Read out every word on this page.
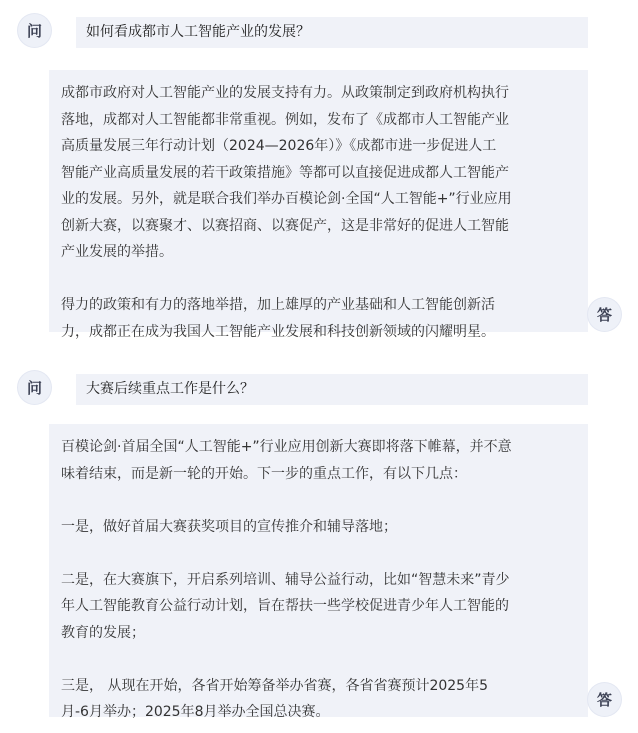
问	如何看成都市人工智能产业的发展？

成都市政府对人工智能产业的发展支持有力。从政策制定到政府机构执行
落地，成都对人工智能都非常重视。例如，发布了《成都市人工智能产业
高质量发展三年行动计划（2024—2026年）》《成都市进一步促进人工
智能产业高质量发展的若干政策措施》等都可以直接促进成都人工智能产
业的发展。另外，就是联合我们举办百模论剑·全国“人工智能+”行业应用
创新大赛，以赛聚才、以赛招商、以赛促产，这是非常好的促进人工智能
产业发展的举措。

得力的政策和有力的落地举措，加上雄厚的产业基础和人工智能创新活
力，成都正在成为我国人工智能产业发展和科技创新领域的闪耀明星。

答
问	大赛后续重点工作是什么？

百模论剑·首届全国“人工智能+”行业应用创新大赛即将落下帷幕，并不意
味着结束，而是新一轮的开始。下一步的重点工作，有以下几点：

一是，做好首届大赛获奖项目的宣传推介和辅导落地；

二是，在大赛旗下，开启系列培训、辅导公益行动，比如“智慧未来”青少
年人工智能教育公益行动计划，旨在帮扶一些学校促进青少年人工智能的
教育的发展；

三是， 从现在开始，各省开始筹备举办省赛，各省省赛预计2025年5
月-6月举办；2025年8月举办全国总决赛。

答
